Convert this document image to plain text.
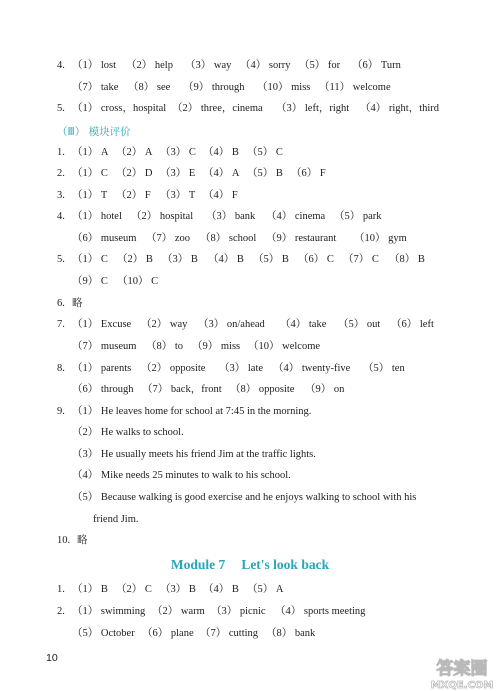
4. （1） lost （2） help （3） way （4） sorry （5） for （6） Turn
（7） take （8） see （9） through （10） miss （11） welcome
5. （1） cross，hospital （2） three，cinema （3） left，right （4） right，third
1. （1） A （2） A （3） C （4） B （5） C
2. （1） C （2） D （3） E （4） A （5） B （6） F
3. （1） T （2） F （3） T （4） F
4. （1） hotel （2） hospital （3） bank （4） cinema （5） park
（6） museum （7） zoo （8） school （9） restaurant （10） gym
5. （1） C （2） B （3） B （4） B （5） B （6） C （7） C （8） B
（9） C （10） C
6. 略
7. （1） Excuse （2） way （3） on/ahead （4） take （5） out （6） left
（7） museum （8） to （9） miss （10） welcome
8. （1） parents （2） opposite （3） late （4） twenty-five （5） ten
（6） through （7） back，front （8） opposite （9） on
9. （1） He leaves home for school at 7:45 in the morning.
（2） He walks to school.
（3） He usually meets his friend Jim at the traffic lights.
（4） Mike needs 25 minutes to walk to his school.
（5） Because walking is good exercise and he enjoys walking to school with his
friend Jim.
10. 略
1. （1） B （2） C （3） B （4） B （5） A
2. （1） swimming （2） warm （3） picnic （4） sports meeting
（5） October （6） plane （7） cutting （8） bank
（Ⅲ） 模块评价
Module 7 Let's look back
10
答案圈
MXQE.COM
